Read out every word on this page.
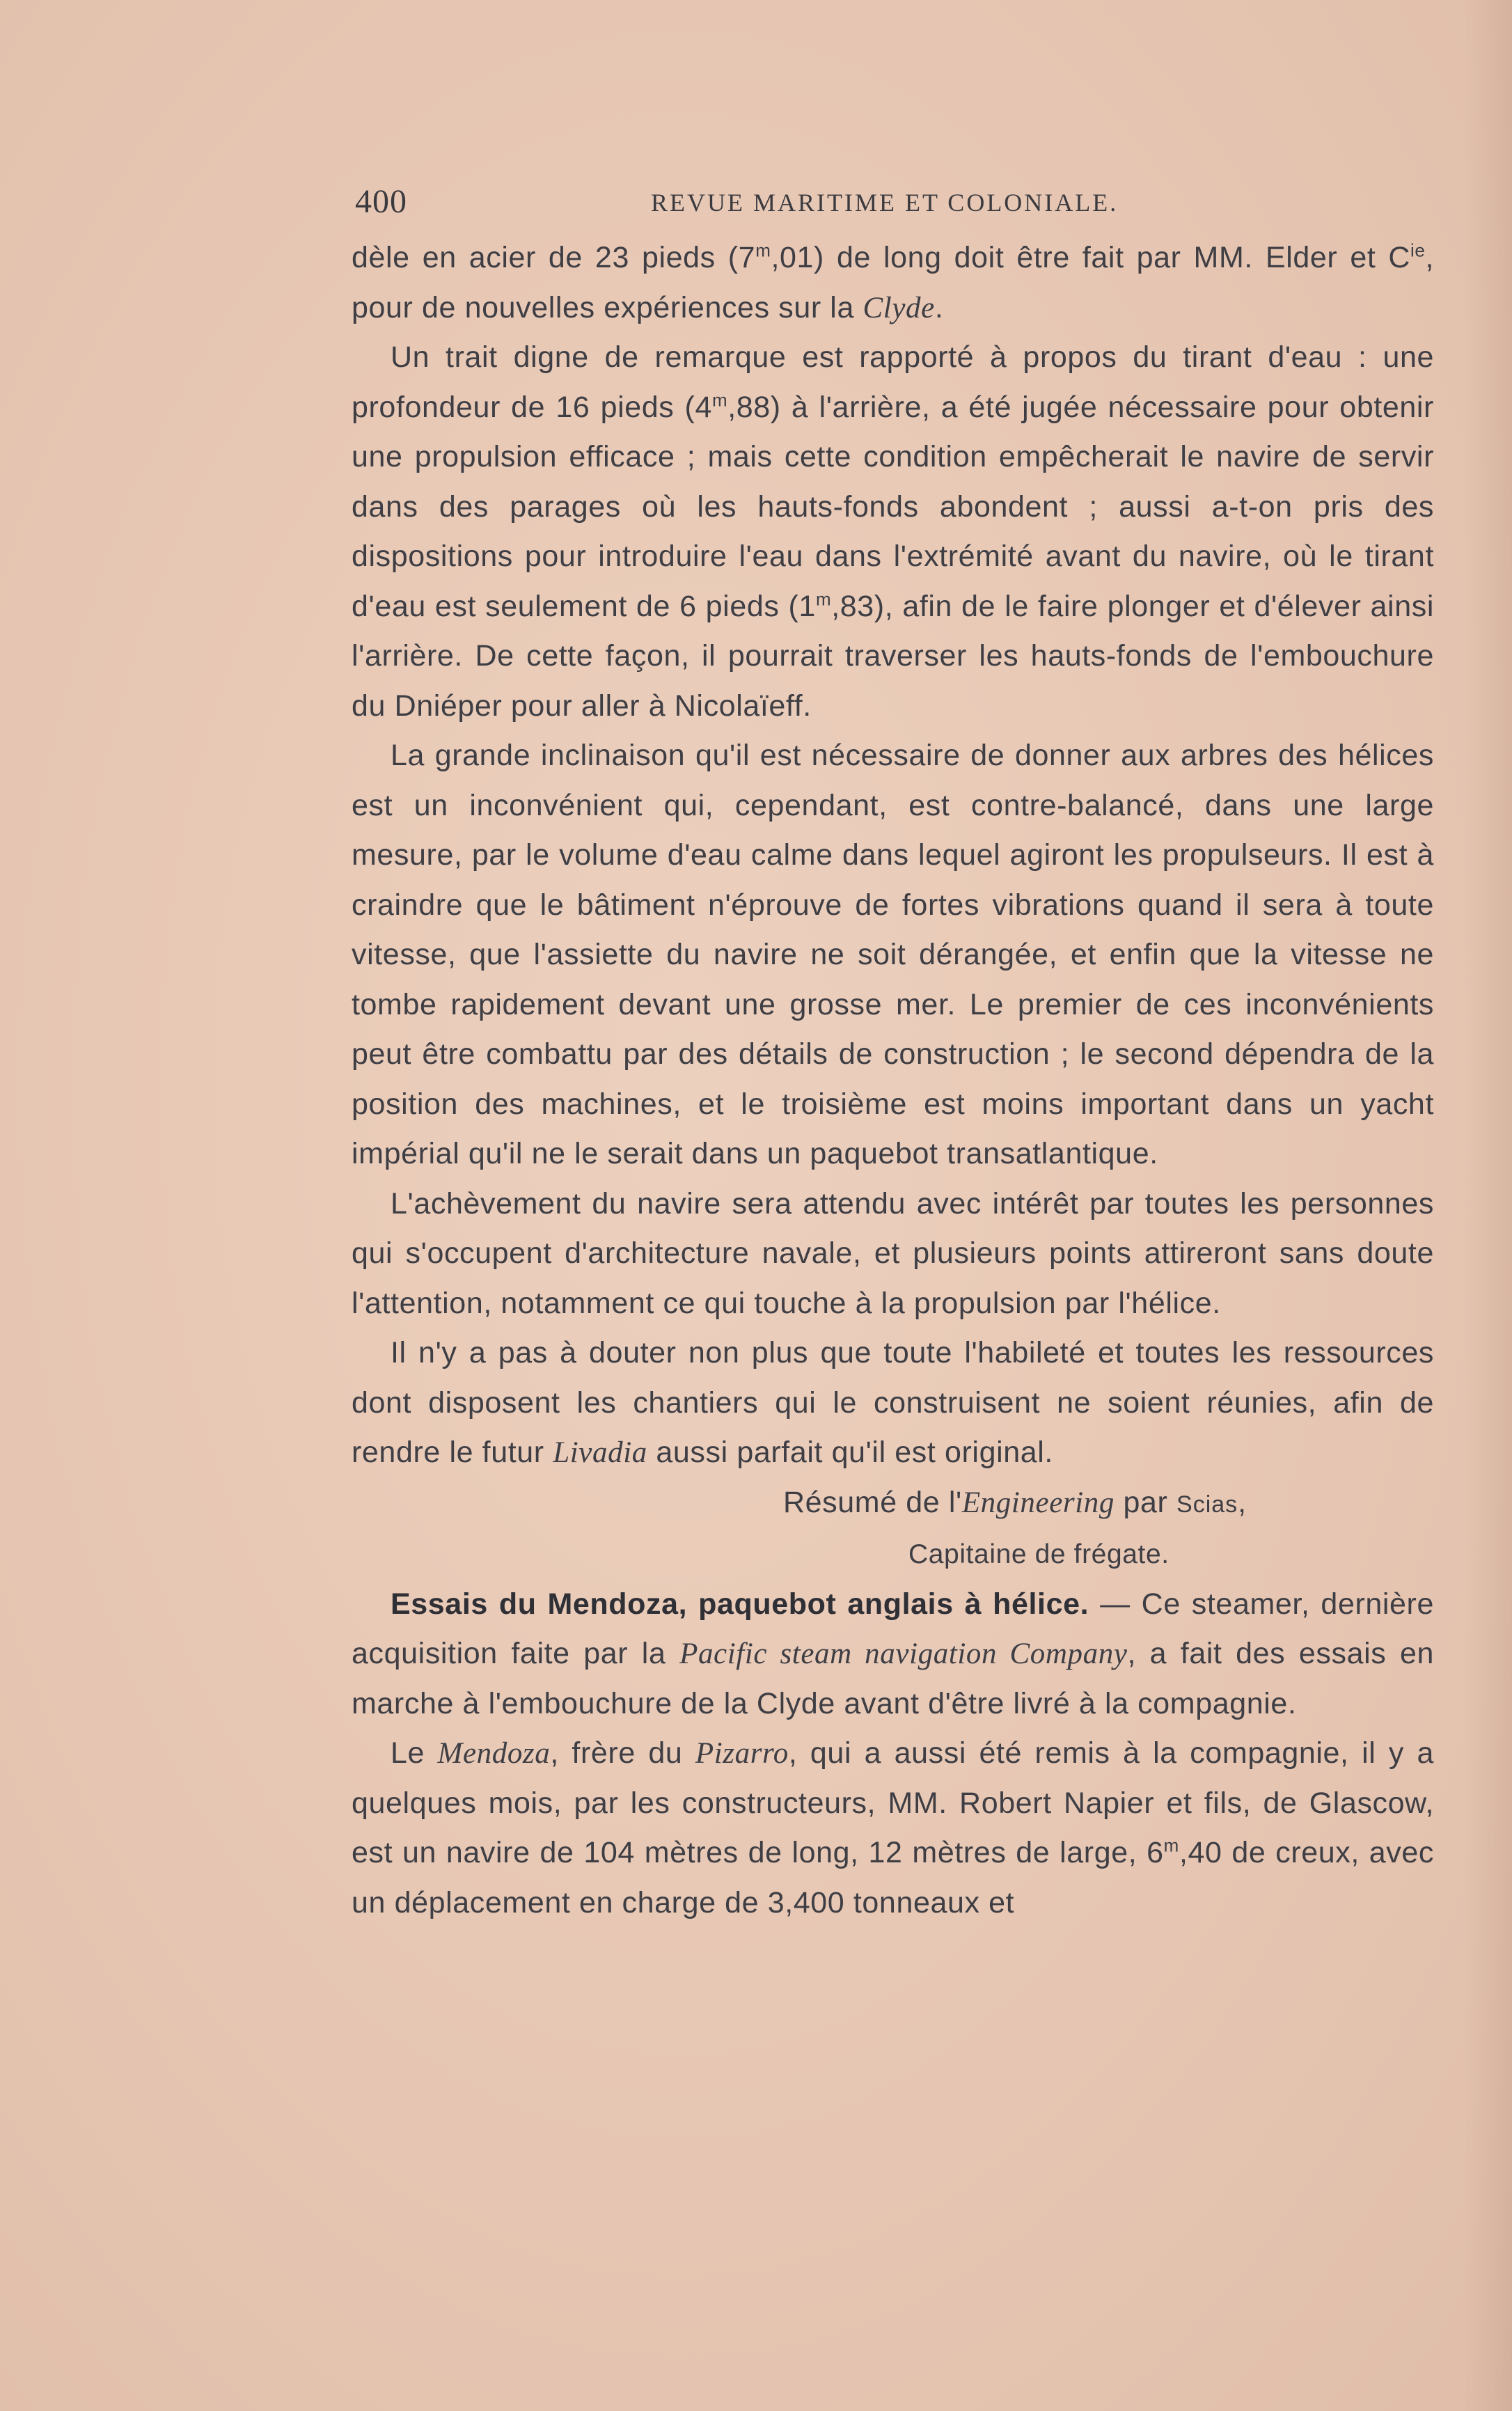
400	REVUE MARITIME ET COLONIALE.

dèle en acier de 23 pieds (7$^m$,01) de long doit être fait par MM. Elder et $C^{ie}$, pour de nouvelles expériences sur la Clyde.

Un trait digne de remarque est rapporté à propos du tirant d'eau : une profondeur de 16 pieds (4$^m$,88) à l'arrière, a été jugée nécessaire pour obtenir une propulsion efficace ; mais cette condition empêcherait le navire de servir dans des parages où les hauts-fonds abondent ; aussi a-t-on pris des dispositions pour introduire l'eau dans l'extrémité avant du navire, où le tirant d'eau est seulement de 6 pieds (1$^m$,83), afin de le faire plonger et d'élever ainsi l'arrière. De cette façon, il pourrait traverser les hauts-fonds de l'embouchure du Dniéper pour aller à Nicolaïeff.

La grande inclinaison qu'il est nécessaire de donner aux arbres des hélices est un inconvénient qui, cependant, est contre-balancé, dans une large mesure, par le volume d'eau calme dans lequel agiront les propulseurs. Il est à craindre que le bâtiment n'éprouve de fortes vibrations quand il sera à toute vitesse, que l'assiette du navire ne soit dérangée, et enfin que la vitesse ne tombe rapidement devant une grosse mer. Le premier de ces inconvénients peut être combattu par des détails de construction ; le second dépendra de la position des machines, et le troisième est moins important dans un yacht impérial qu'il ne le serait dans un paquebot transatlantique.

L'achèvement du navire sera attendu avec intérêt par toutes les personnes qui s'occupent d'architecture navale, et plusieurs points attireront sans doute l'attention, notamment ce qui touche à la propulsion par l'hélice.

Il n'y a pas à douter non plus que toute l'habileté et toutes les ressources dont disposent les chantiers qui le construisent ne soient réunies, afin de rendre le futur Livadia aussi parfait qu'il est original.

Résumé de l'Engineering par Scias,

Capitaine de frégate.

Essais du Mendoza, paquebot anglais à hélice. — Ce steamer, dernière acquisition faite par la Pacific steam navigation Company, a fait des essais en marche à l'embouchure de la Clyde avant d'être livré à la compagnie.

Le Mendoza, frère du Pizarro, qui a aussi été remis à la compagnie, il y a quelques mois, par les constructeurs, MM. Robert Napier et fils, de Glascow, est un navire de 104 mètres de long, 12 mètres de large, 6$^m$,40 de creux, avec un déplacement en charge de 3,400 tonneaux et
